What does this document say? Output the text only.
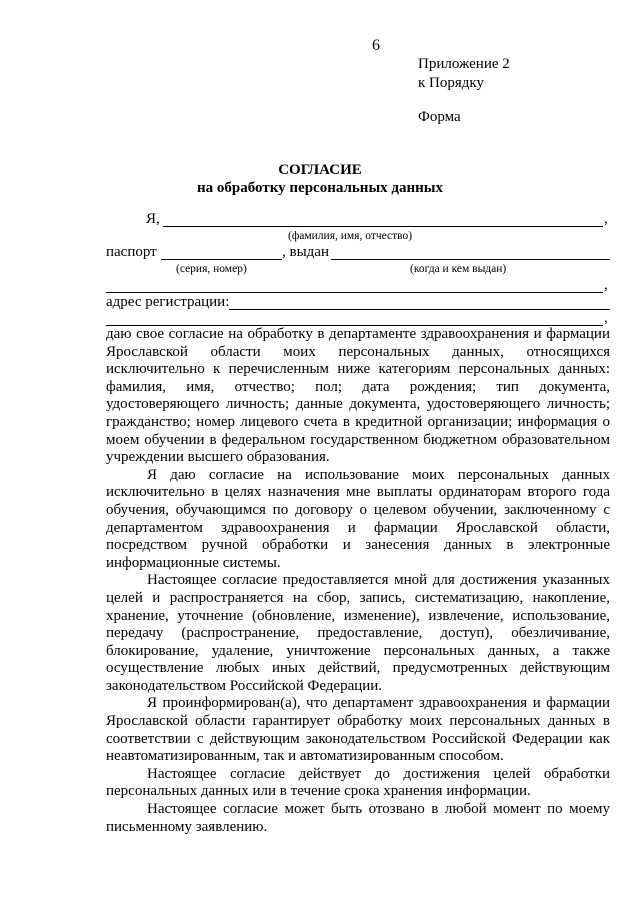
6
Приложение 2
к Порядку
Форма
СОГЛАСИЕ
на обработку персональных данных
Я,	,
(фамилия, имя, отчество)
паспорт	, выдан
(серия, номер)	(когда и кем выдан)
,
адрес регистрации:
,

даю свое согласие на обработку в департаменте здравоохранения и фармации Ярославской области моих персональных данных, относящихся исключительно к перечисленным ниже категориям персональных данных: фамилия, имя, отчество; пол; дата рождения; тип документа, удостоверяющего личность; данные документа, удостоверяющего личность; гражданство; номер лицевого счета в кредитной организации; информация о моем обучении в федеральном государственном бюджетном образовательном учреждении высшего образования.

Я даю согласие на использование моих персональных данных исключительно в целях назначения мне выплаты ординаторам второго года обучения, обучающимся по договору о целевом обучении, заключенному с департаментом здравоохранения и фармации Ярославской области, посредством ручной обработки и занесения данных в электронные информационные системы.

Настоящее согласие предоставляется мной для достижения указанных целей и распространяется на сбор, запись, систематизацию, накопление, хранение, уточнение (обновление, изменение), извлечение, использование, передачу (распространение, предоставление, доступ), обезличивание, блокирование, удаление, уничтожение персональных данных, а также осуществление любых иных действий, предусмотренных действующим законодательством Российской Федерации.

Я проинформирован(а), что департамент здравоохранения и фармации Ярославской области гарантирует обработку моих персональных данных в соответствии с действующим законодательством Российской Федерации как неавтоматизированным, так и автоматизированным способом.

Настоящее согласие действует до достижения целей обработки персональных данных или в течение срока хранения информации.

Настоящее согласие может быть отозвано в любой момент по моему письменному заявлению.
